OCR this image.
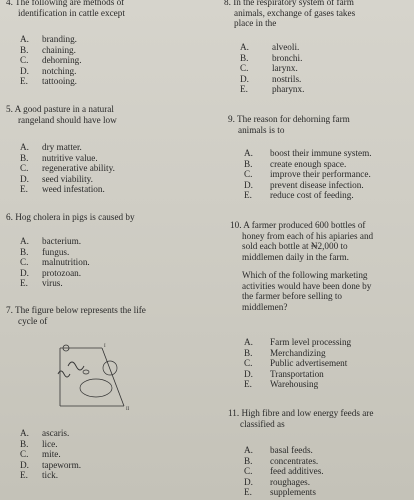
4. The following are methods of
identification in cattle except
A.	branding.
B.	chaining.
C.	dehorning.
D.	notching.
E.	tattooing.
5. A good pasture in a natural
rangeland should have low
A.	dry matter.
B.	nutritive value.
C.	regenerative ability.
D.	seed viability.
E.	weed infestation.
6. Hog cholera in pigs is caused by
A.	bacterium.
B.	fungus.
C.	malnutrition.
D.	protozoan.
E.	virus.
7. The figure below represents the life
cycle of
I
II
A.	ascaris.
B.	lice.
C.	mite.
D.	tapeworm.
E.	tick.
8. In the respiratory system of farm
animals, exchange of gases takes
place in the
A.	alveoli.
B.	bronchi.
C.	larynx.
D.	nostrils.
E.	pharynx.
9. The reason for dehorning farm
animals is to
A.	boost their immune system.
B.	create enough space.
C.	improve their performance.
D.	prevent disease infection.
E.	reduce cost of feeding.
10. A farmer produced 600 bottles of
honey from each of his apiaries and
sold each bottle at ₦2,000 to
middlemen daily in the farm.
Which of the following marketing
activities would have been done by
the farmer before selling to
middlemen?
A.	Farm level processing
B.	Merchandizing
C.	Public advertisement
D.	Transportation
E.	Warehousing
11. High fibre and low energy feeds are
classified as
A.	basal feeds.
B.	concentrates.
C.	feed additives.
D.	roughages.
E.	supplements
